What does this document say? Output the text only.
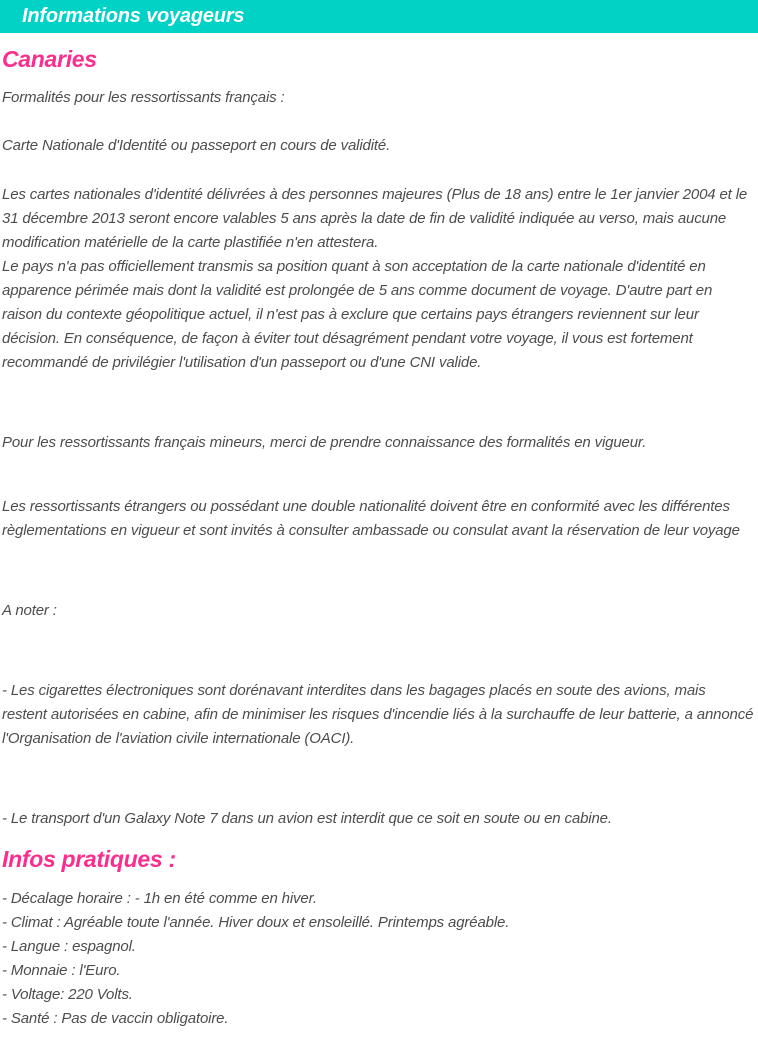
Informations voyageurs
Canaries

Formalités pour les ressortissants français :

Carte Nationale d'Identité ou passeport en cours de validité.

Les cartes nationales d'identité délivrées à des personnes majeures (Plus de 18 ans) entre le 1er janvier 2004 et le 31 décembre 2013 seront encore valables 5 ans après la date de fin de validité indiquée au verso, mais aucune modification matérielle de la carte plastifiée n'en attestera.

Le pays n'a pas officiellement transmis sa position quant à son acceptation de la carte nationale d'identité en apparence périmée mais dont la validité est prolongée de 5 ans comme document de voyage. D'autre part en raison du contexte géopolitique actuel, il n'est pas à exclure que certains pays étrangers reviennent sur leur décision. En conséquence, de façon à éviter tout désagrément pendant votre voyage, il vous est fortement recommandé de privilégier l'utilisation d'un passeport ou d'une CNI valide.

Pour les ressortissants français mineurs, merci de prendre connaissance des formalités en vigueur.

Les ressortissants étrangers ou possédant une double nationalité doivent être en conformité avec les différentes règlementations en vigueur et sont invités à consulter ambassade ou consulat avant la réservation de leur voyage

A noter :

- Les cigarettes électroniques sont dorénavant interdites dans les bagages placés en soute des avions, mais restent autorisées en cabine, afin de minimiser les risques d'incendie liés à la surchauffe de leur batterie, a annoncé l'Organisation de l'aviation civile internationale (OACI).

- Le transport d'un Galaxy Note 7 dans un avion est interdit que ce soit en soute ou en cabine.

Infos pratiques :

- Décalage horaire : - 1h en été comme en hiver.

- Climat : Agréable toute l'année. Hiver doux et ensoleillé. Printemps agréable.

- Langue : espagnol.

- Monnaie : l'Euro.

- Voltage: 220 Volts.

- Santé : Pas de vaccin obligatoire.
